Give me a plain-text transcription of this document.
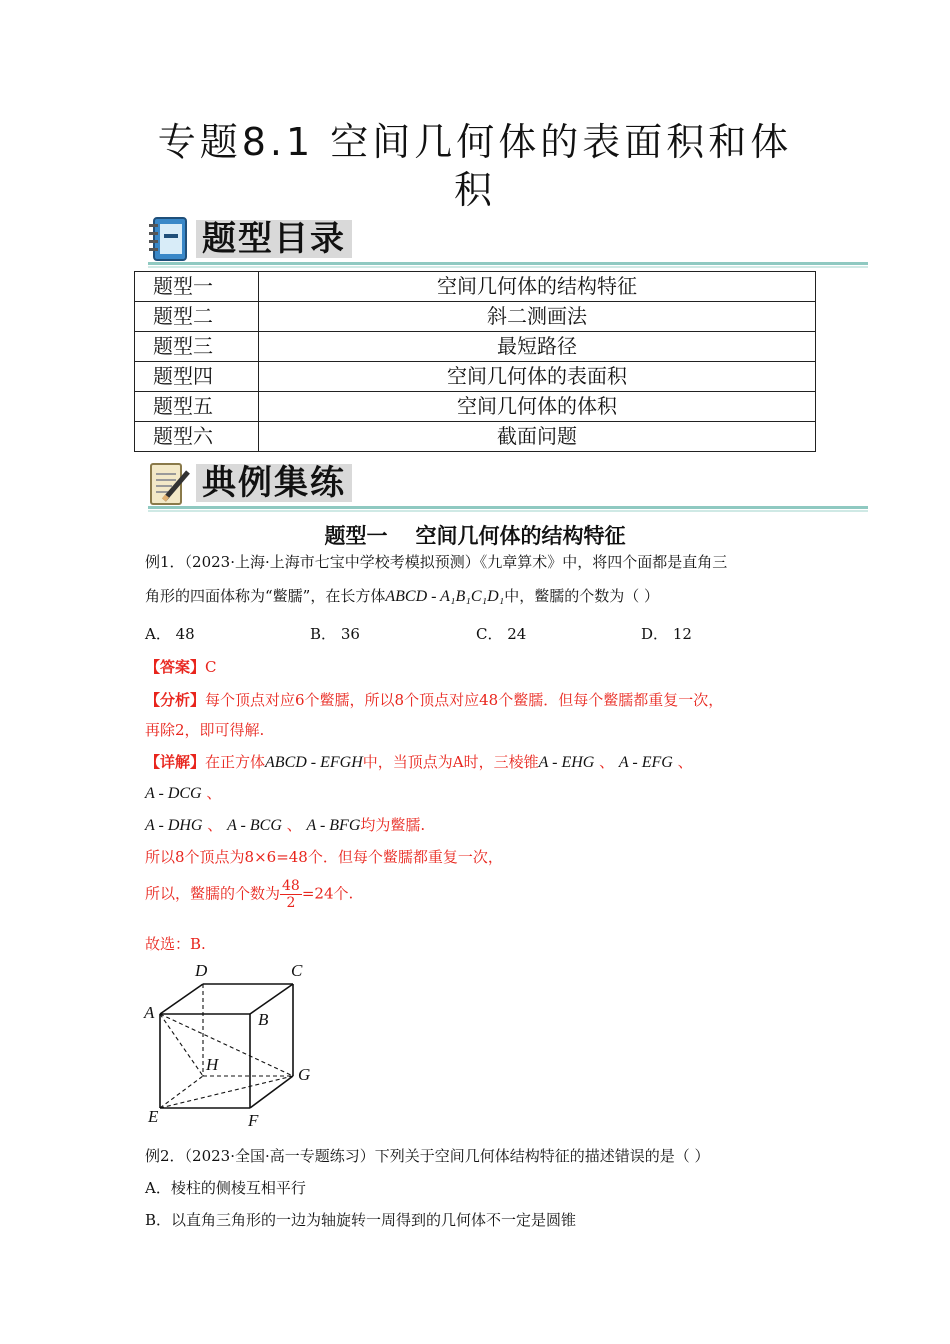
专题8.1 空间几何体的表面积和体
积
题型目录
题型一	空间几何体的结构特征
题型二	斜二测画法
题型三	最短路径
题型四	空间几何体的表面积
题型五	空间几何体的体积
题型六	截面问题
典例集练
题型一 空间几何体的结构特征
例1．（2023·上海·上海市七宝中学校考模拟预测）《九章算术》中，将四个面都是直角三
角形的四面体称为“鳖臑”，在长方体ABCD - A₁B₁C₁D₁中，鳖臑的个数为（ ）
A． 48	B． 36	C． 24	D． 12
【答案】C
【分析】每个顶点对应6个鳖臑，所以8个顶点对应48个鳖臑．但每个鳖臑都重复一次，
再除2，即可得解.
【详解】在正方体ABCD - EFGH中，当顶点为A时，三棱锥A - EHG 、 A - EFG 、
A - DCG 、
A - DHG 、 A - BCG 、 A - BFG均为鳖臑.
所以8个顶点为8×6=48个．但每个鳖臑都重复一次，
所以，鳖臑的个数为 $\frac{48}{2} =24$个.
故选：B.
A	B
C
D
E	F
G
H
例2．（2023·全国·高一专题练习）下列关于空间几何体结构特征的描述错误的是（ ）
A．棱柱的侧棱互相平行
B．以直角三角形的一边为轴旋转一周得到的几何体不一定是圆锥
